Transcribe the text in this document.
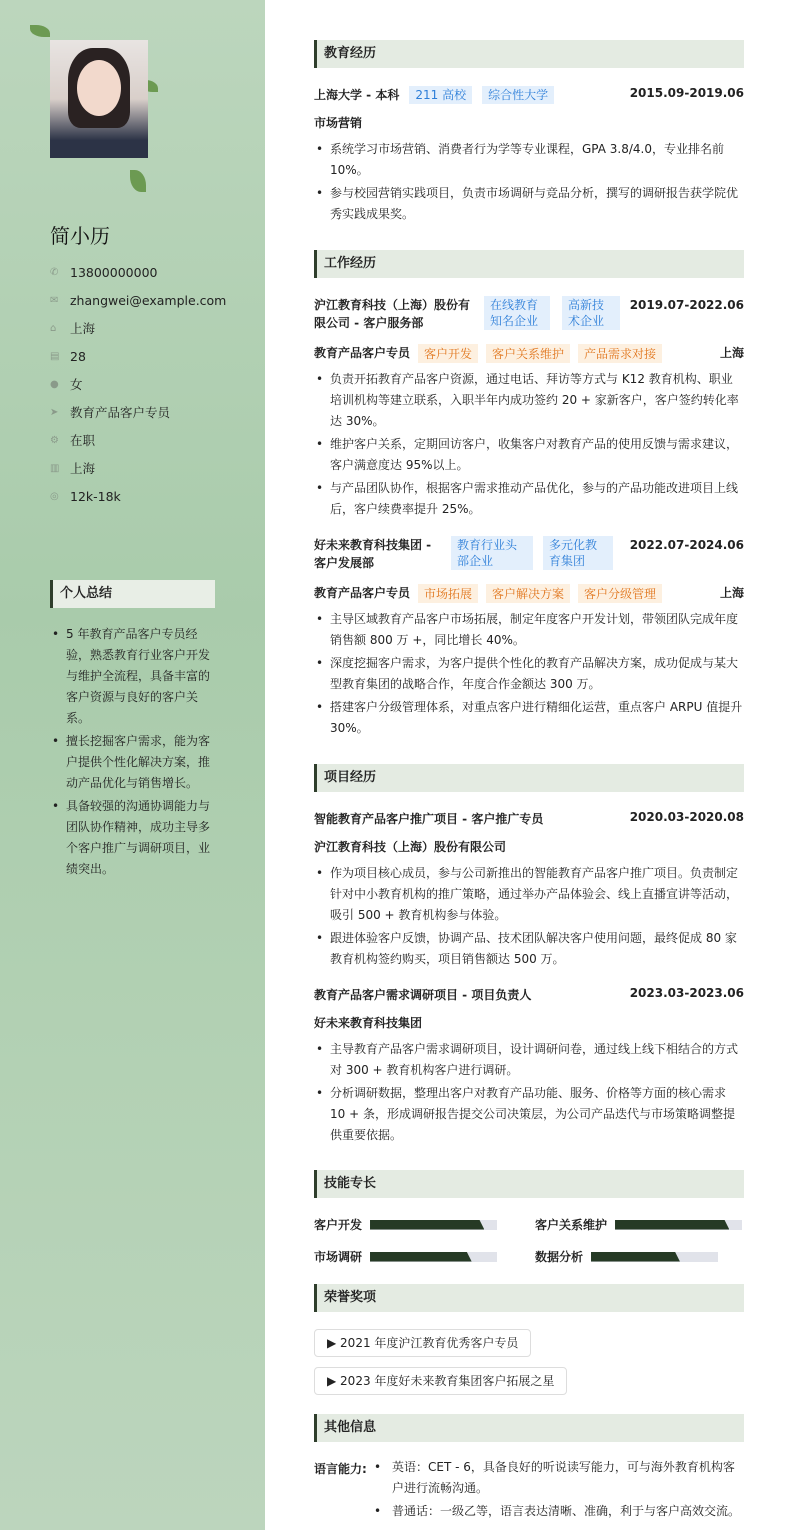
简小历
✆ 13800000000
✉ zhangwei@example.com
⌂	上海
▤ 28
● 女
➤ 教育产品客户专员
⚙ 在职
▥ 上海
◎ 12k-18k
个人总结
• 5 年教育产品客户专员经验，熟悉教育行业客户开发与维护全流程，具备丰富的客户资源与良好的客户关系。
• 擅长挖掘客户需求，能为客户提供个性化解决方案，推动产品优化与销售增长。
• 具备较强的沟通协调能力与团队协作精神，成功主导多个客户推广与调研项目，业绩突出。
教育经历
上海大学 - 本科	211 高校	综合性大学	2015.09-2019.06
市场营销
• 系统学习市场营销、消费者行为学等专业课程，GPA 3.8/4.0，专业排名前 10%。
• 参与校园营销实践项目，负责市场调研与竞品分析，撰写的调研报告获学院优秀实践成果奖。
工作经历
沪江教育科技（上海）股份有限公司 - 客户服务部
在线教育知名企业
高新技术企业
2019.07-2022.06
教育产品客户专员	客户开发	客户关系维护	产品需求对接	上海
• 负责开拓教育产品客户资源，通过电话、拜访等方式与 K12 教育机构、职业培训机构等建立联系，入职半年内成功签约 20 + 家新客户，客户签约转化率达 30%。
• 维护客户关系，定期回访客户，收集客户对教育产品的使用反馈与需求建议，客户满意度达 95%以上。
• 与产品团队协作，根据客户需求推动产品优化，参与的产品功能改进项目上线后，客户续费率提升 25%。
好未来教育科技集团 - 客户发展部
教育行业头部企业
多元化教育集团
2022.07-2024.06
教育产品客户专员	市场拓展	客户解决方案	客户分级管理	上海
• 主导区域教育产品客户市场拓展，制定年度客户开发计划，带领团队完成年度销售额 800 万 +，同比增长 40%。
• 深度挖掘客户需求，为客户提供个性化的教育产品解决方案，成功促成与某大型教育集团的战略合作，年度合作金额达 300 万。
• 搭建客户分级管理体系，对重点客户进行精细化运营，重点客户 ARPU 值提升 30%。
项目经历
智能教育产品客户推广项目 - 客户推广专员	2020.03-2020.08
沪江教育科技（上海）股份有限公司
• 作为项目核心成员，参与公司新推出的智能教育产品客户推广项目。负责制定针对中小教育机构的推广策略，通过举办产品体验会、线上直播宣讲等活动，吸引 500 + 教育机构参与体验。
• 跟进体验客户反馈，协调产品、技术团队解决客户使用问题，最终促成 80 家教育机构签约购买，项目销售额达 500 万。
教育产品客户需求调研项目 - 项目负责人	2023.03-2023.06
好未来教育科技集团
• 主导教育产品客户需求调研项目，设计调研问卷，通过线上线下相结合的方式对 300 + 教育机构客户进行调研。
• 分析调研数据，整理出客户对教育产品功能、服务、价格等方面的核心需求 10 + 条，形成调研报告提交公司决策层，为公司产品迭代与市场策略调整提供重要依据。
技能专长
客户开发	客户关系维护
市场调研	数据分析
荣誉奖项
▶ 2021 年度沪江教育优秀客户专员
▶ 2023 年度好未来教育集团客户拓展之星
其他信息
语言能力:	• 英语：CET - 6，具备良好的听说读写能力，可与海外教育机构客户进行流畅沟通。
• 普通话：一级乙等，语言表达清晰、准确，利于与客户高效交流。
